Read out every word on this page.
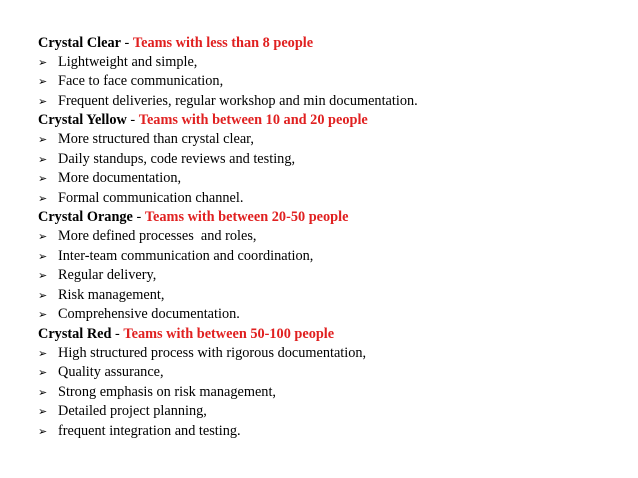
Crystal Clear - Teams with less than 8 people
➢ Lightweight and simple,
➢ Face to face communication,
➢ Frequent deliveries, regular workshop and min documentation.
Crystal Yellow - Teams with between 10 and 20 people
➢ More structured than crystal clear,
➢ Daily standups, code reviews and testing,
➢ More documentation,
➢ Formal communication channel.
Crystal Orange - Teams with between 20-50 people
➢ More defined processes  and roles,
➢ Inter-team communication and coordination,
➢ Regular delivery,
➢ Risk management,
➢ Comprehensive documentation.
Crystal Red - Teams with between 50-100 people
➢ High structured process with rigorous documentation,
➢ Quality assurance,
➢ Strong emphasis on risk management,
➢ Detailed project planning,
➢ frequent integration and testing.
